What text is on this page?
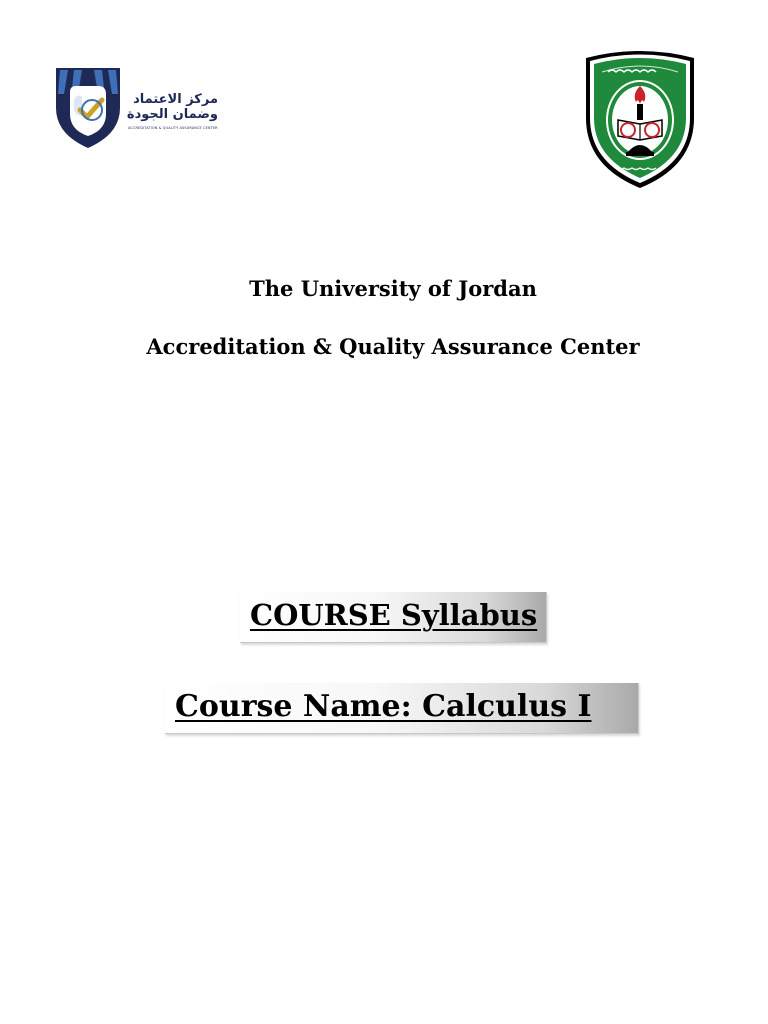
مركز الاعتماد
وضمان الجودة
ACCREDITATION & QUALITY ASSURANCE CENTER
The University of Jordan
Accreditation & Quality Assurance Center
COURSE Syllabus
Course Name: Calculus I
